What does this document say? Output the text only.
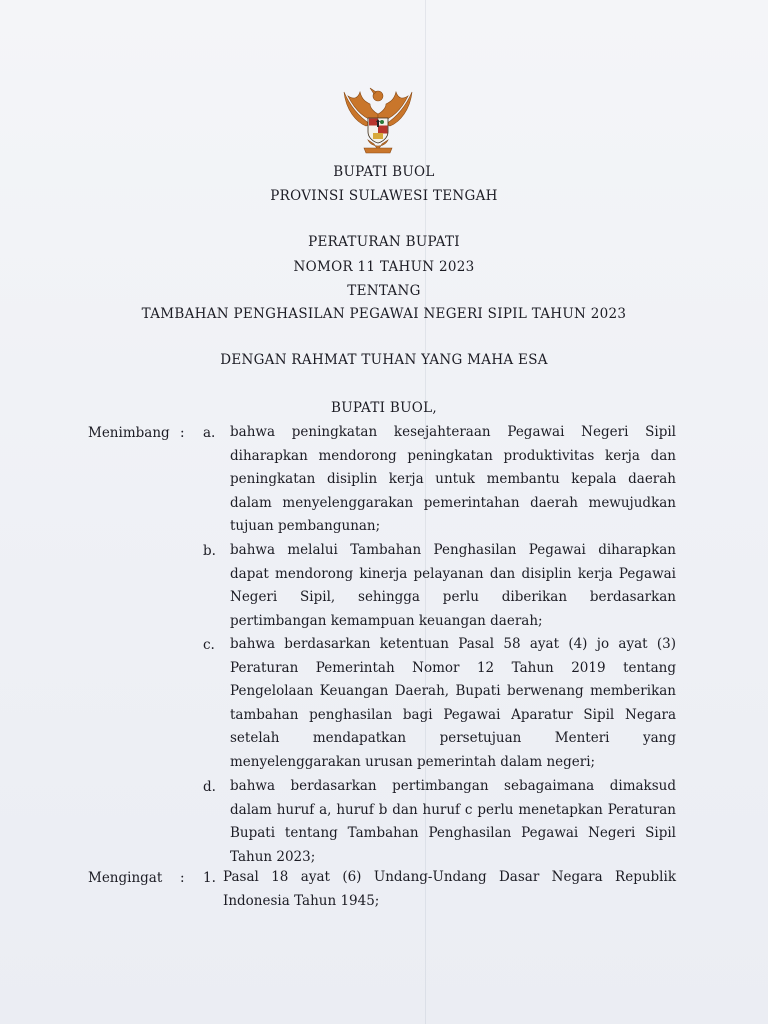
BUPATI BUOL
PROVINSI SULAWESI TENGAH
PERATURAN BUPATI
NOMOR 11 TAHUN 2023
TENTANG
TAMBAHAN PENGHASILAN PEGAWAI NEGERI SIPIL TAHUN 2023
DENGAN RAHMAT TUHAN YANG MAHA ESA
BUPATI BUOL,
Menimbang : a. bahwa peningkatan kesejahteraan Pegawai Negeri Sipil diharapkan mendorong peningkatan produktivitas kerja dan peningkatan disiplin kerja untuk membantu kepala daerah dalam menyelenggarakan pemerintahan daerah mewujudkan tujuan pembangunan;
b. bahwa melalui Tambahan Penghasilan Pegawai diharapkan dapat mendorong kinerja pelayanan dan disiplin kerja Pegawai Negeri Sipil, sehingga perlu diberikan berdasarkan pertimbangan kemampuan keuangan daerah;
c. bahwa berdasarkan ketentuan Pasal 58 ayat (4) jo ayat (3) Peraturan Pemerintah Nomor 12 Tahun 2019 tentang Pengelolaan Keuangan Daerah, Bupati berwenang memberikan tambahan penghasilan bagi Pegawai Aparatur Sipil Negara setelah mendapatkan persetujuan Menteri yang menyelenggarakan urusan pemerintah dalam negeri;
d. bahwa berdasarkan pertimbangan sebagaimana dimaksud dalam huruf a, huruf b dan huruf c perlu menetapkan Peraturan Bupati tentang Tambahan Penghasilan Pegawai Negeri Sipil Tahun 2023;
Mengingat : 1. Pasal 18 ayat (6) Undang-Undang Dasar Negara Republik Indonesia Tahun 1945;
